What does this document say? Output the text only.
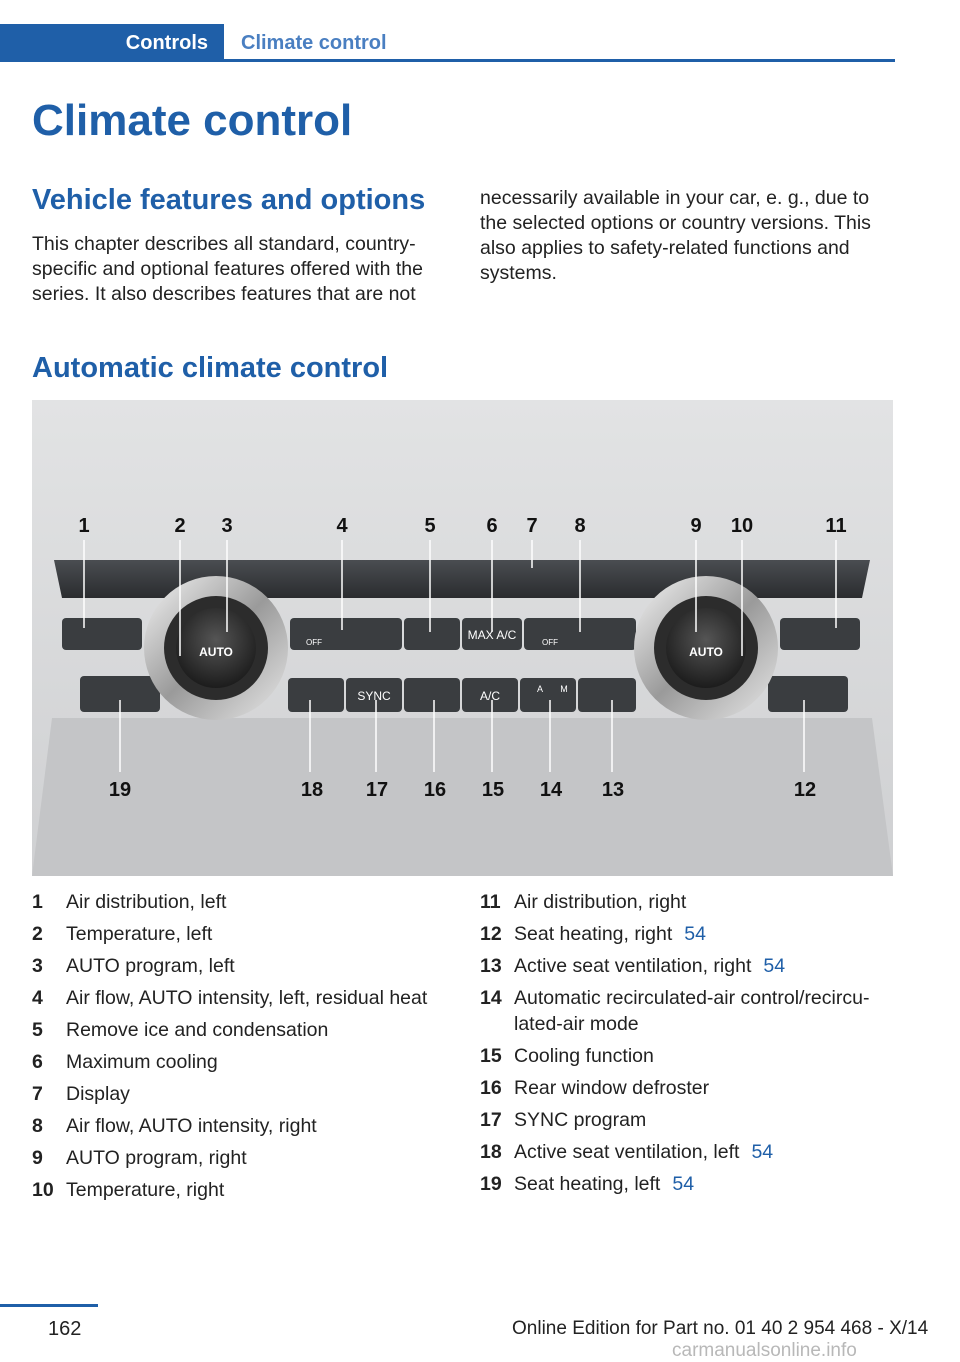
Controls	Climate control
Climate control
Vehicle features and options
This chapter describes all standard, country-specific and optional features offered with the series. It also describes features that are not
necessarily available in your car, e. g., due to the selected options or country versions. This also applies to safety-related functions and systems.
Automatic climate control
AUTO	AUTO
MAX A/C
SYNC	A/C	A M
OFF	OFF
1	2 3	4	5	6 7 8	9 10	11
19	18 17 16 15 14 13	12
1	Air distribution, left
2	Temperature, left
3	AUTO program, left
4	Air flow, AUTO intensity, left, residual heat
5	Remove ice and condensation
6	Maximum cooling
7	Display
8	Air flow, AUTO intensity, right
9	AUTO program, right
10 Temperature, right
11 Air distribution, right
12 Seat heating, right 54
13 Active seat ventilation, right 54
14 Automatic recirculated-air control/recircu-lated-air mode
15 Cooling function
16 Rear window defroster
17 SYNC program
18 Active seat ventilation, left 54
19 Seat heating, left 54
162	Online Edition for Part no. 01 40 2 954 468 - X/14
carmanualsonline.info
